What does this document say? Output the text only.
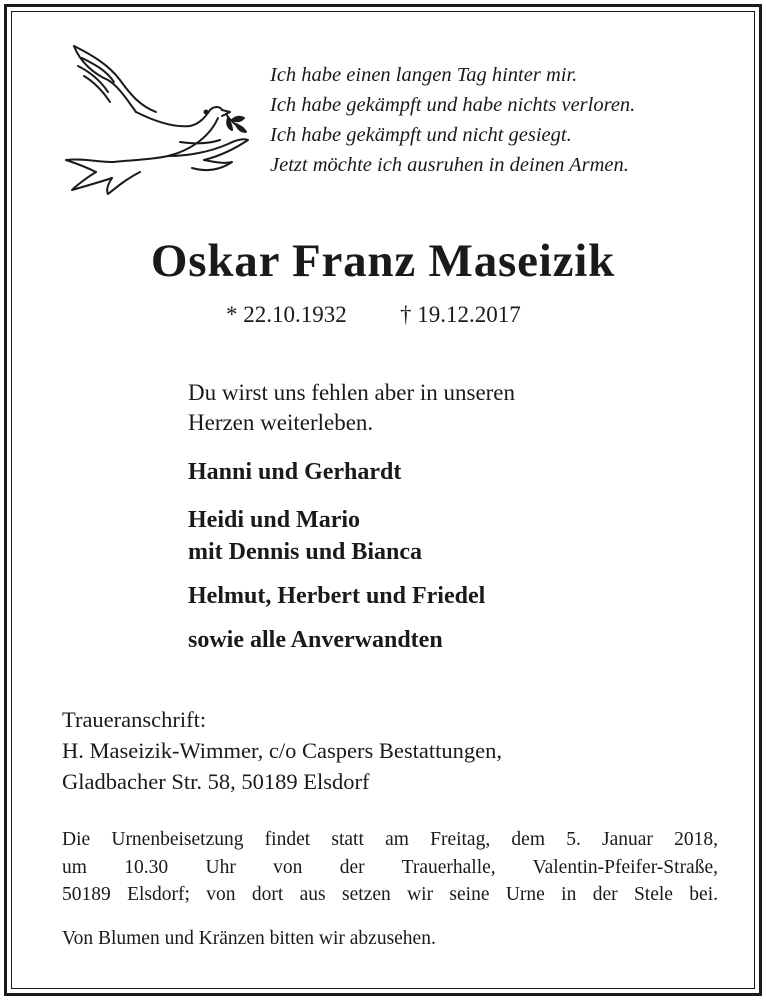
Ich habe einen langen Tag hinter mir.
Ich habe gekämpft und habe nichts verloren.
Ich habe gekämpft und nicht gesiegt.
Jetzt möchte ich ausruhen in deinen Armen.
Oskar Franz Maseizik
* 22.10.1932 † 19.12.2017
Du wirst uns fehlen aber in unseren
Herzen weiterleben.
Hanni und Gerhardt
Heidi und Mario
mit Dennis und Bianca
Helmut, Herbert und Friedel
sowie alle Anverwandten
Traueranschrift:
H. Maseizik-Wimmer, c/o Caspers Bestattungen,
Gladbacher Str. 58, 50189 Elsdorf
Die Urnenbeisetzung findet statt am Freitag, dem 5. Januar 2018,
um 10.30 Uhr von der Trauerhalle, Valentin-Pfeifer-Straße,
50189 Elsdorf; von dort aus setzen wir seine Urne in der Stele bei.
Von Blumen und Kränzen bitten wir abzusehen.
